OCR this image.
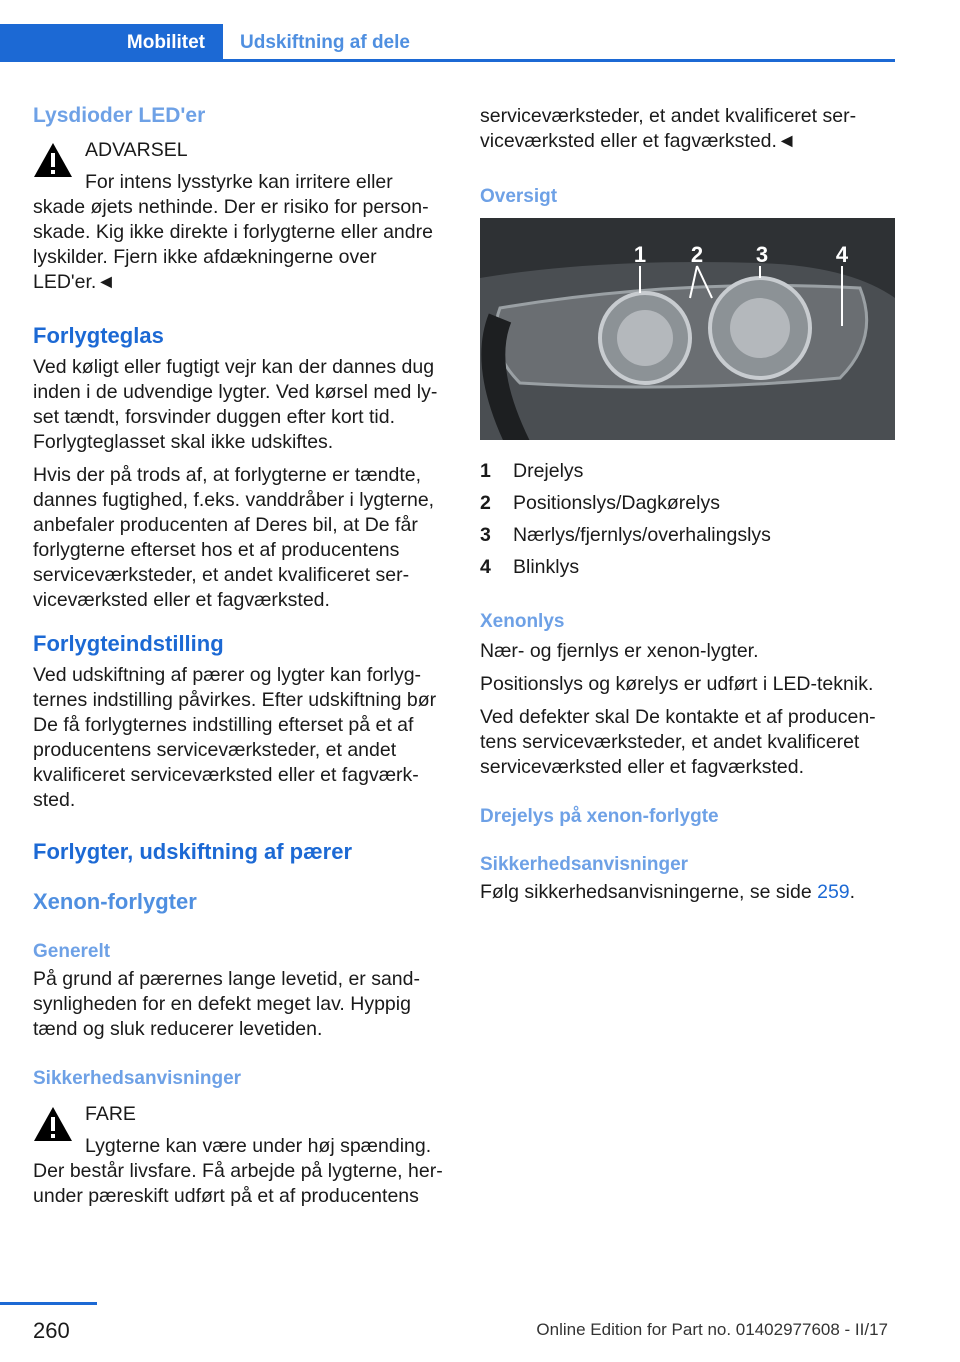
Mobilitet	Udskiftning af dele
Lysdioder LED'er

ADVARSEL

For intens lysstyrke kan irritere eller

skade øjets nethinde. Der er risiko for person-skade. Kig ikke direkte i forlygterne eller andre lyskilder. Fjern ikke afdækningerne over LED'er.◄

Forlygteglas

Ved køligt eller fugtigt vejr kan der dannes dug inden i de udvendige lygter. Ved kørsel med ly-set tændt, forsvinder duggen efter kort tid. Forlygteglasset skal ikke udskiftes.

Hvis der på trods af, at forlygterne er tændte, dannes fugtighed, f.eks. vanddråber i lygterne, anbefaler producenten af Deres bil, at De får forlygterne efterset hos et af producentens serviceværksteder, et andet kvalificeret ser-viceværksted eller et fagværksted.

Forlygteindstilling

Ved udskiftning af pærer og lygter kan forlyg-ternes indstilling påvirkes. Efter udskiftning bør De få forlygternes indstilling efterset på et af producentens serviceværksteder, et andet kvalificeret serviceværksted eller et fagværk-sted.

Forlygter, udskiftning af pærer
Xenon-forlygter
Generelt

På grund af pærernes lange levetid, er sand-synligheden for en defekt meget lav. Hyppig tænd og sluk reducerer levetiden.

Sikkerhedsanvisninger

FARE

Lygterne kan være under høj spænding.

Der består livsfare. Få arbejde på lygterne, her-under pæreskift udført på et af producentens

serviceværksteder, et andet kvalificeret ser-viceværksted eller et fagværksted.◄

Oversigt
1 2 3	4
1	Drejelys
2	Positionslys/Dagkørelys
3	Nærlys/fjernlys/overhalingslys
4	Blinklys
Xenonlys

Nær- og fjernlys er xenon-lygter.

Positionslys og kørelys er udført i LED-teknik.

Ved defekter skal De kontakte et af producen-tens serviceværksteder, et andet kvalificeret serviceværksted eller et fagværksted.

Drejelys på xenon-forlygte
Sikkerhedsanvisninger

Følg sikkerhedsanvisningerne, se side 259.

260	Online Edition for Part no. 01402977608 - II/17
